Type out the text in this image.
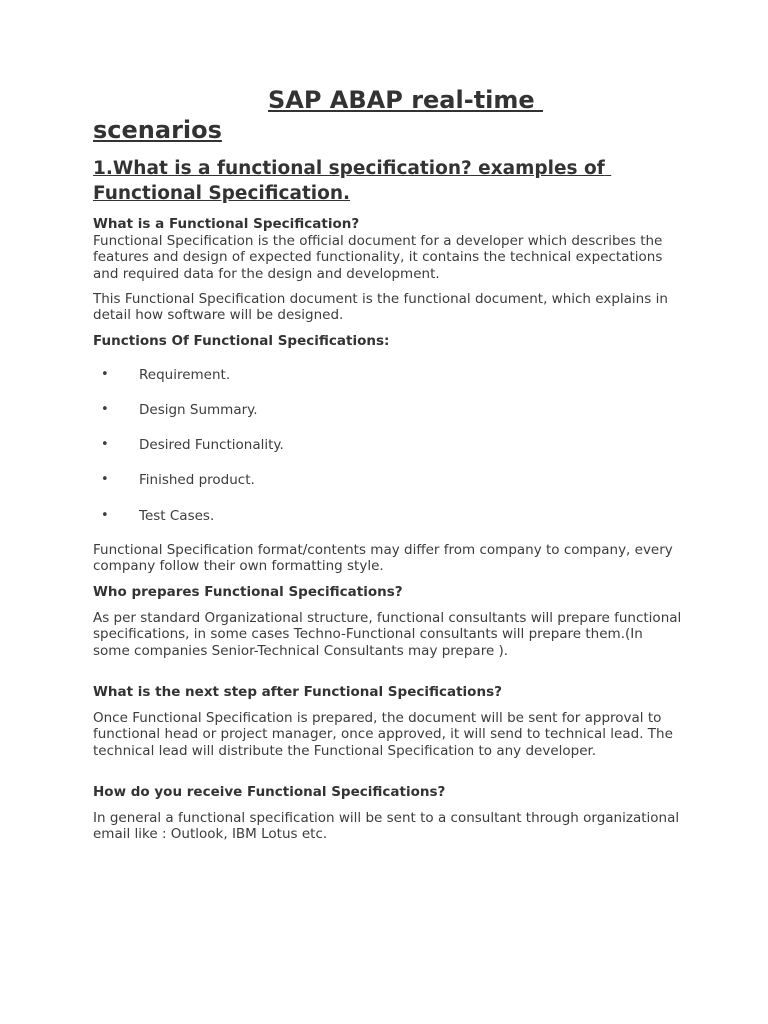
SAP ABAP real-time
scenarios
1.What is a functional specification? examples of Functional Specification.
What is a Functional Specification?
Functional Specification is the official document for a developer which describes the features and design of expected functionality, it contains the technical expectations and required data for the design and development.
This Functional Specification document is the functional document, which explains in detail how software will be designed.
Functions Of Functional Specifications:
• Requirement.
• Design Summary.
• Desired Functionality.
• Finished product.
• Test Cases.
Functional Specification format/contents may differ from company to company, every company follow their own formatting style.
Who prepares Functional Specifications?
As per standard Organizational structure, functional consultants will prepare functional specifications, in some cases Techno-Functional consultants will prepare them.(In some companies Senior-Technical Consultants may prepare ).
What is the next step after Functional Specifications?
Once Functional Specification is prepared, the document will be sent for approval to functional head or project manager, once approved, it will send to technical lead. The technical lead will distribute the Functional Specification to any developer.
How do you receive Functional Specifications?
In general a functional specification will be sent to a consultant through organizational email like : Outlook, IBM Lotus etc.
